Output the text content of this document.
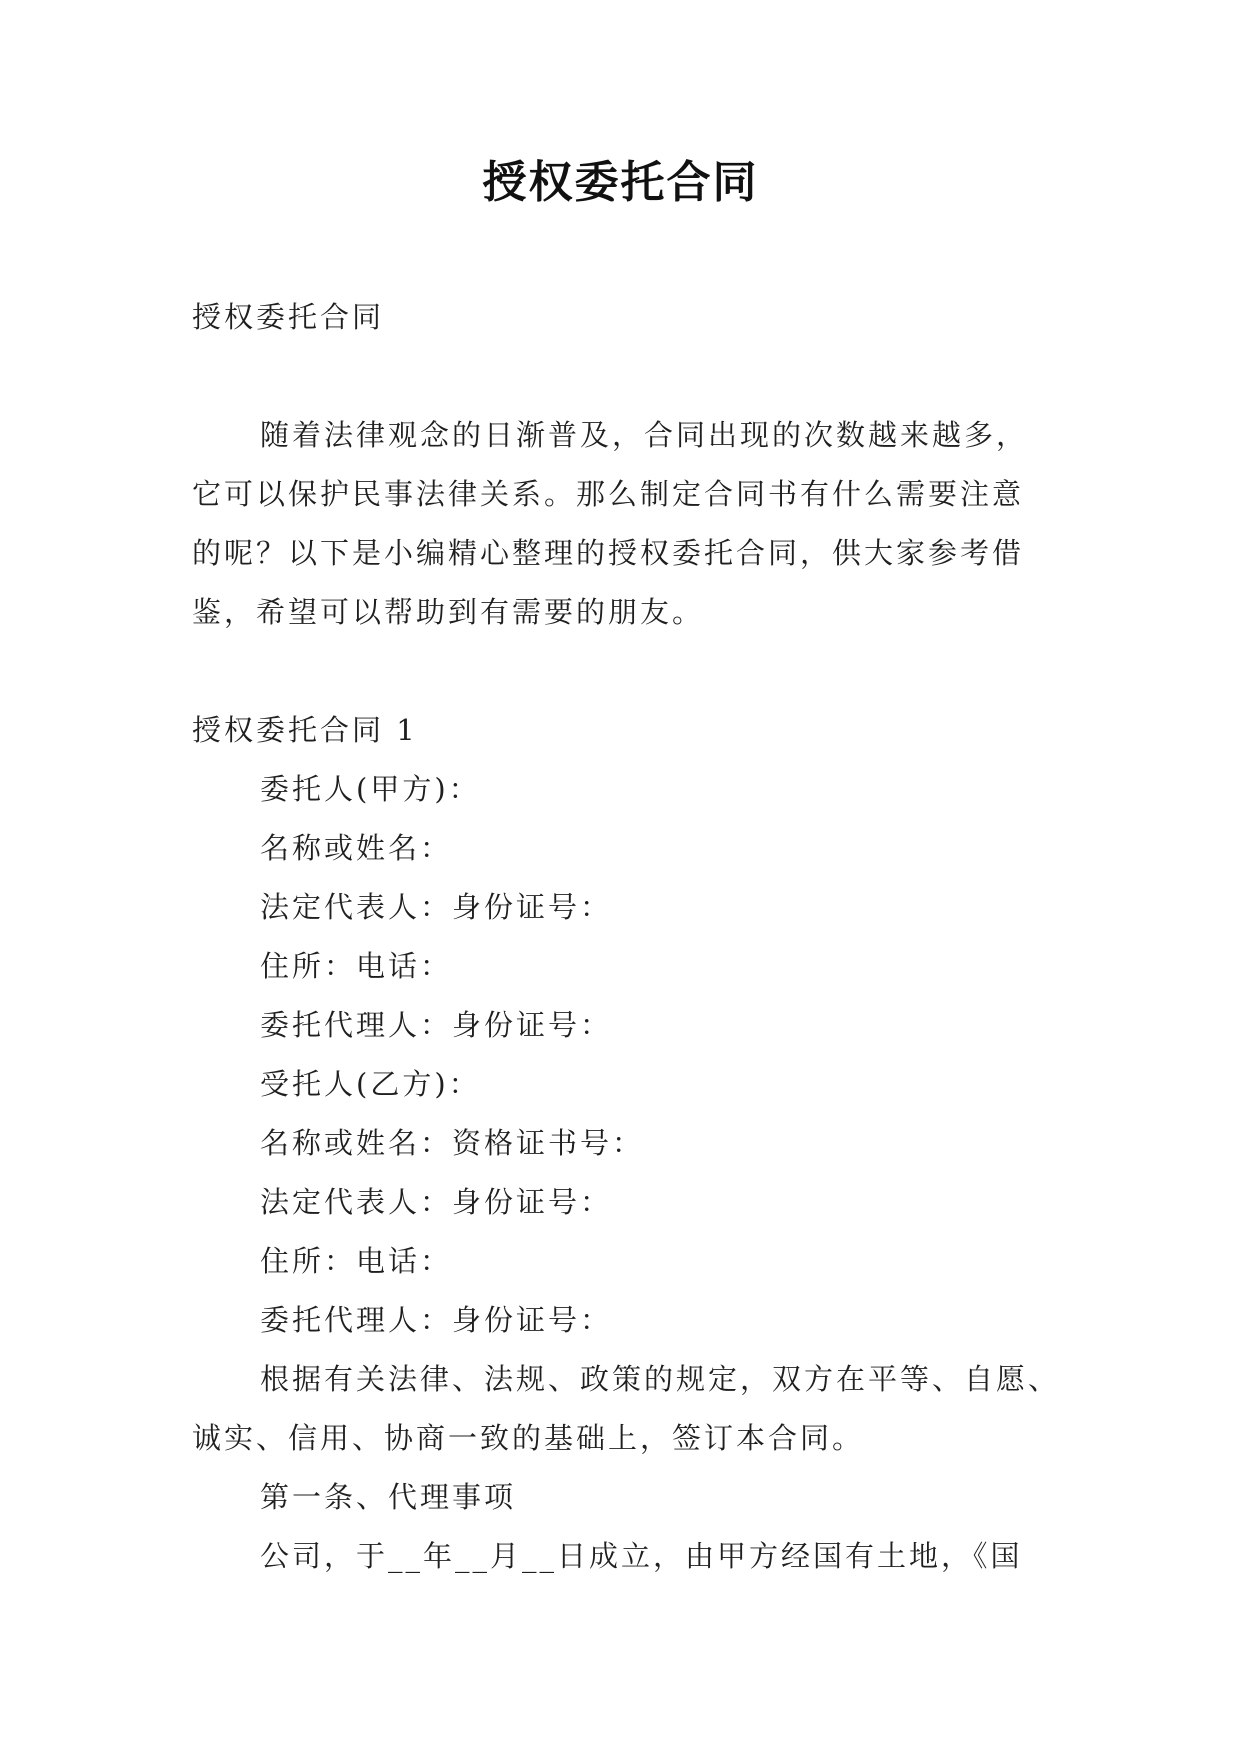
授权委托合同
授权委托合同
随着法律观念的日渐普及，合同出现的次数越来越多，
它可以保护民事法律关系。那么制定合同书有什么需要注意
的呢？以下是小编精心整理的授权委托合同，供大家参考借
鉴，希望可以帮助到有需要的朋友。
授权委托合同 1
委托人(甲方)：
名称或姓名：
法定代表人：身份证号：
住所：电话：
委托代理人：身份证号：
受托人(乙方)：
名称或姓名：资格证书号：
法定代表人：身份证号：
住所：电话：
委托代理人：身份证号：
根据有关法律、法规、政策的规定，双方在平等、自愿、
诚实、信用、协商一致的基础上，签订本合同。
第一条、代理事项
公司，于__年__月__日成立，由甲方经国有土地，《国
